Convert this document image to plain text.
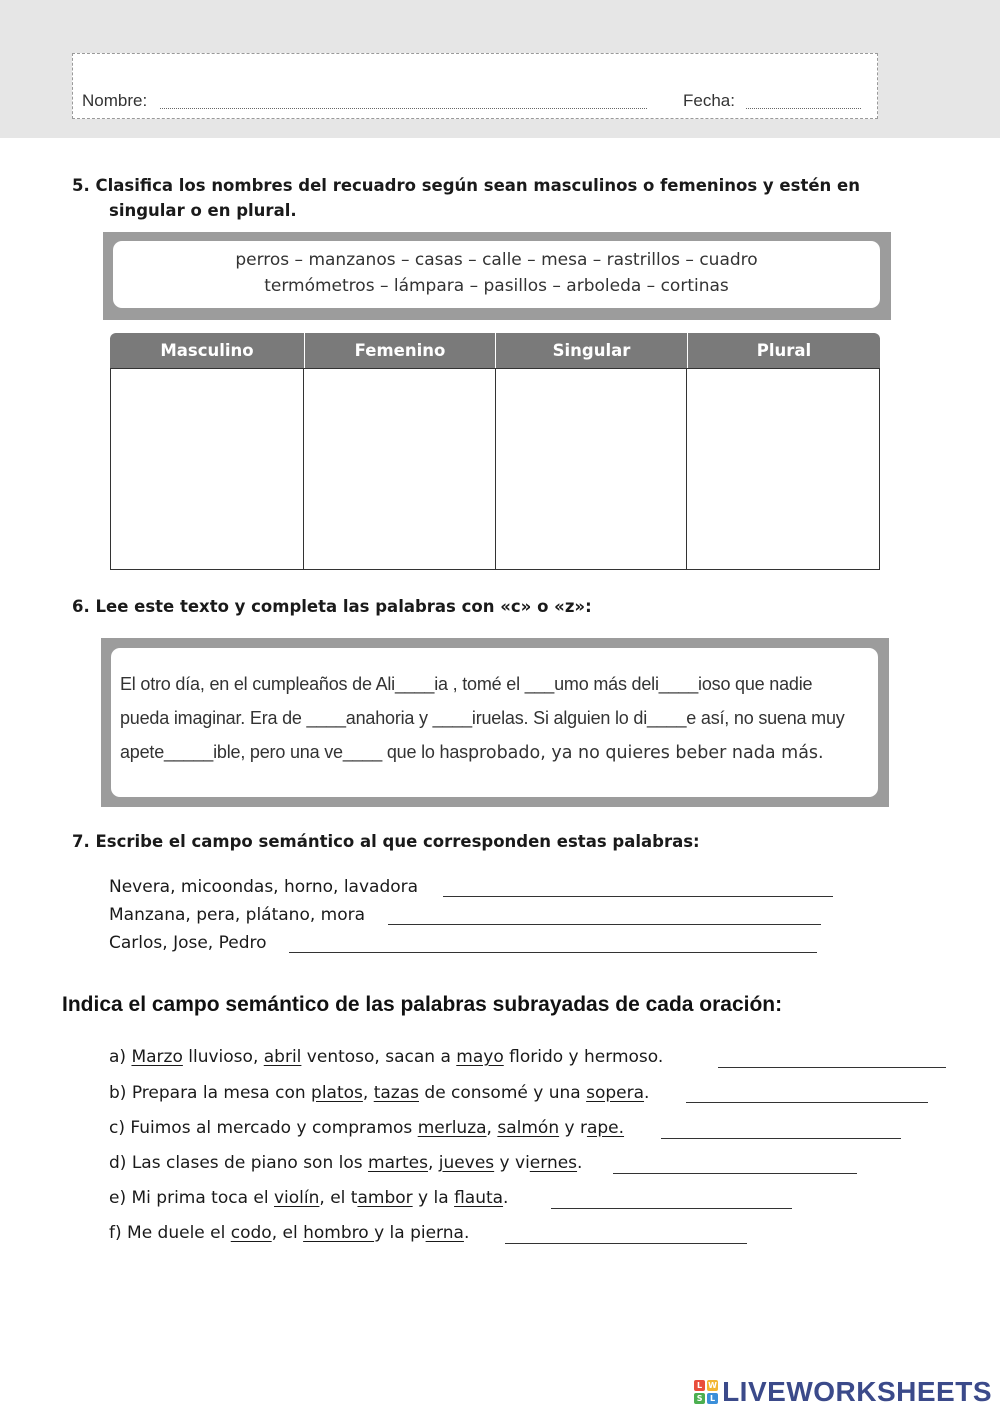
Nombre:	Fecha:
5. Clasifica los nombres del recuadro según sean masculinos o femeninos y estén en
singular o en plural.
perros – manzanos – casas – calle – mesa – rastrillos – cuadro
termómetros – lámpara – pasillos – arboleda – cortinas
Masculino	Femenino	Singular	Plural
6. Lee este texto y completa las palabras con «c» o «z»:
El otro día, en el cumpleaños de Ali____ia , tomé el ___umo más deli____ioso que nadie
pueda imaginar. Era de ____anahoria y ____iruelas. Si alguien lo di____e así, no suena muy
apete_____ible, pero una ve____ que lo hasprobado, ya no quieres beber nada más.
7. Escribe el campo semántico al que corresponden estas palabras:
Nevera, micoondas, horno, lavadora
Manzana, pera, plátano, mora
Carlos, Jose, Pedro
Indica el campo semántico de las palabras subrayadas de cada oración:
a) Marzo lluvioso, abril ventoso, sacan a mayo florido y hermoso.
b) Prepara la mesa con platos, tazas de consomé y una sopera.
c) Fuimos al mercado y compramos merluza, salmón y rape.
d) Las clases de piano son los martes, jueves y viernes.
e) Mi prima toca el violín, el tambor y la flauta.
f) Me duele el codo, el hombro y la pierna.
L W
S L LIVEWORKSHEETS
